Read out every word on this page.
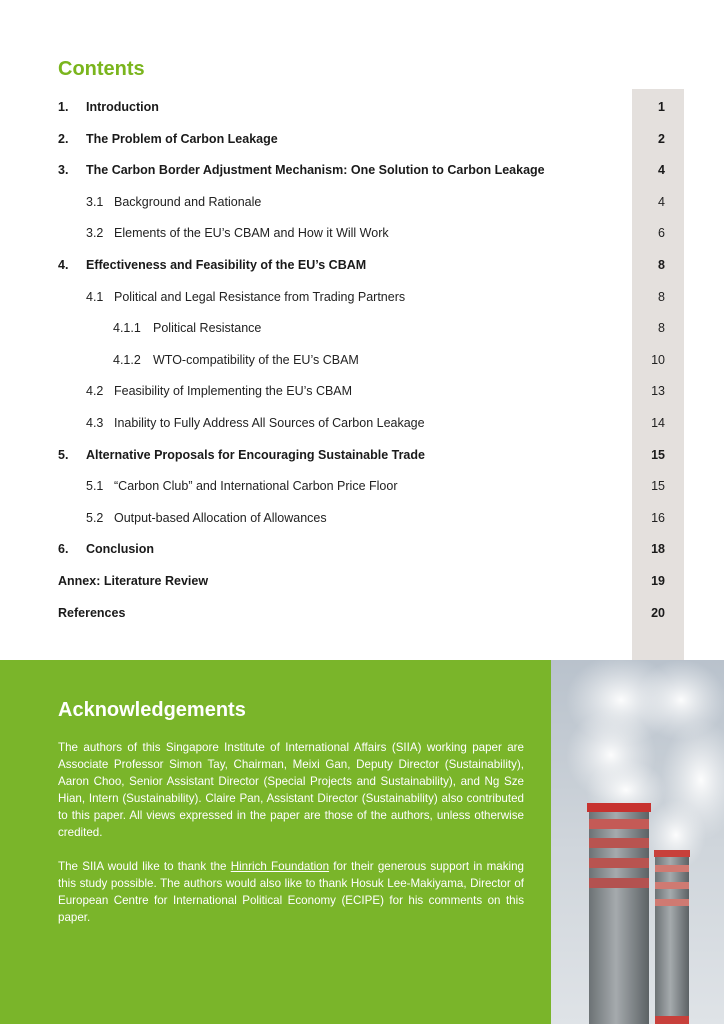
Contents
1. Introduction	1
2. The Problem of Carbon Leakage	2
3. The Carbon Border Adjustment Mechanism: One Solution to Carbon Leakage	4
3.1 Background and Rationale	4
3.2 Elements of the EU’s CBAM and How it Will Work	6
4. Effectiveness and Feasibility of the EU’s CBAM	8
4.1 Political and Legal Resistance from Trading Partners	8
4.1.1 Political Resistance	8
4.1.2 WTO-compatibility of the EU’s CBAM	10
4.2 Feasibility of Implementing the EU’s CBAM	13
4.3 Inability to Fully Address All Sources of Carbon Leakage	14
5. Alternative Proposals for Encouraging Sustainable Trade	15
5.1 “Carbon Club” and International Carbon Price Floor	15
5.2 Output-based Allocation of Allowances	16
6. Conclusion	18
Annex: Literature Review	19
References	20
Acknowledgements

The authors of this Singapore Institute of International Affairs (SIIA) working paper are Associate Professor Simon Tay, Chairman, Meixi Gan, Deputy Director (Sustainability), Aaron Choo, Senior Assistant Director (Special Projects and Sustainability), and Ng Sze Hian, Intern (Sustainability). Claire Pan, Assistant Director (Sustainability) also contributed to this paper. All views expressed in the paper are those of the authors, unless otherwise credited.

The SIIA would like to thank the Hinrich Foundation for their generous support in making this study possible. The authors would also like to thank Hosuk Lee-Makiyama, Director of European Centre for International Political Economy (ECIPE) for his comments on this paper.
